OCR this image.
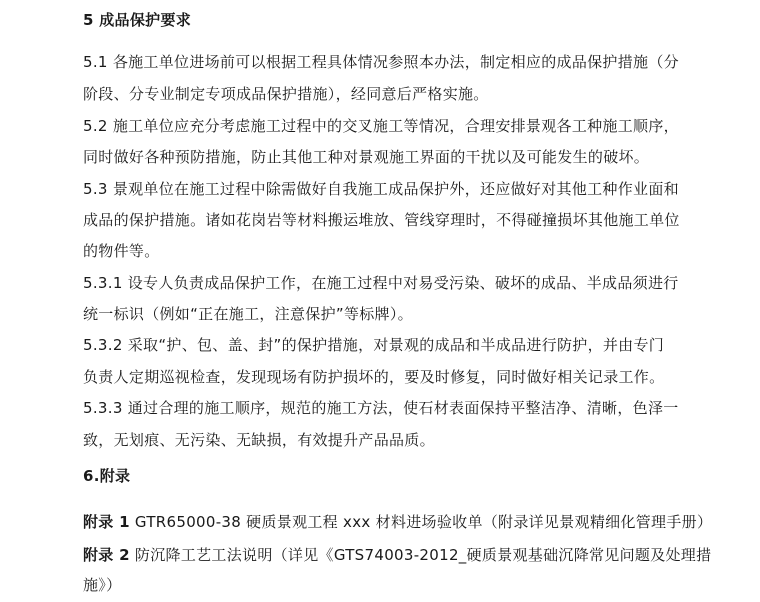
5 成品保护要求
5.1 各施工单位进场前可以根据工程具体情况参照本办法，制定相应的成品保护措施（分
阶段、分专业制定专项成品保护措施），经同意后严格实施。
5.2 施工单位应充分考虑施工过程中的交叉施工等情况，合理安排景观各工种施工顺序，
同时做好各种预防措施，防止其他工种对景观施工界面的干扰以及可能发生的破坏。
5.3 景观单位在施工过程中除需做好自我施工成品保护外，还应做好对其他工种作业面和
成品的保护措施。诸如花岗岩等材料搬运堆放、管线穿理时，不得碰撞损坏其他施工单位
的物件等。
5.3.1 设专人负责成品保护工作，在施工过程中对易受污染、破坏的成品、半成品须进行
统一标识（例如“正在施工，注意保护”等标牌）。
5.3.2 采取“护、包、盖、封”的保护措施，对景观的成品和半成品进行防护，并由专门
负责人定期巡视检查，发现现场有防护损坏的，要及时修复，同时做好相关记录工作。
5.3.3 通过合理的施工顺序，规范的施工方法，使石材表面保持平整洁净、清晰，色泽一
致，无划痕、无污染、无缺损，有效提升产品品质。
6.附录
附录 1 GTR65000-38 硬质景观工程 xxx 材料进场验收单（附录详见景观精细化管理手册）
附录 2 防沉降工艺工法说明（详见《GTS74003-2012_硬质景观基础沉降常见问题及处理措
施》）
